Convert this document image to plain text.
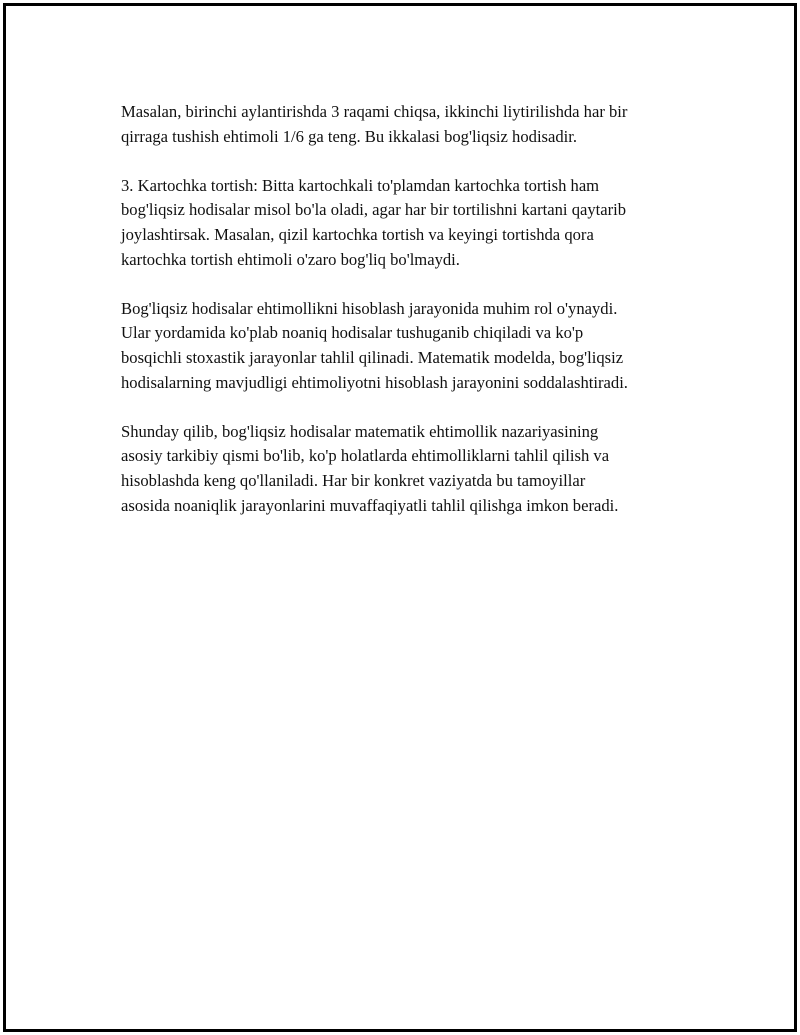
Masalan, birinchi aylantirishda 3 raqami chiqsa, ikkinchi liytirilishda har bir
qirraga tushish ehtimoli 1/6 ga teng. Bu ikkalasi bog'liqsiz hodisadir.

3. Kartochka tortish: Bitta kartochkali to'plamdan kartochka tortish ham
bog'liqsiz hodisalar misol bo'la oladi, agar har bir tortilishni kartani qaytarib
joylashtirsak. Masalan, qizil kartochka tortish va keyingi tortishda qora
kartochka tortish ehtimoli o'zaro bog'liq bo'lmaydi.

Bog'liqsiz hodisalar ehtimollikni hisoblash jarayonida muhim rol o'ynaydi.
Ular yordamida ko'plab noaniq hodisalar tushuganib chiqiladi va ko'p
bosqichli stoxastik jarayonlar tahlil qilinadi. Matematik modelda, bog'liqsiz
hodisalarning mavjudligi ehtimoliyotni hisoblash jarayonini soddalashtiradi.

Shunday qilib, bog'liqsiz hodisalar matematik ehtimollik nazariyasining
asosiy tarkibiy qismi bo'lib, ko'p holatlarda ehtimolliklarni tahlil qilish va
hisoblashda keng qo'llaniladi. Har bir konkret vaziyatda bu tamoyillar
asosida noaniqlik jarayonlarini muvaffaqiyatli tahlil qilishga imkon beradi.
